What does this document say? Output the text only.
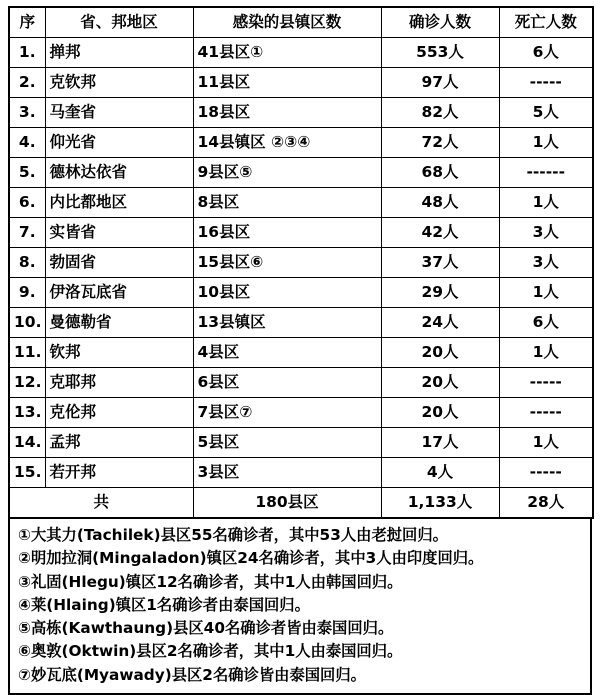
序	省、邦地区	感染的县镇区数	确诊人数	死亡人数
1.	掸邦	41县区①	553人	6人
2.	克钦邦	11县区	97人	-----
3.	马奎省	18县区	82人	5人
4.	仰光省	14县镇区 ②③④	72人	1人
5.	德林达依省	9县区⑤	68人	------
6.	内比都地区	8县区	48人	1人
7.	实皆省	16县区	42人	3人
8.	勃固省	15县区⑥	37人	3人
9.	伊洛瓦底省	10县区	29人	1人
10.	曼德勒省	13县镇区	24人	6人
11.	钦邦	4县区	20人	1人
12.	克耶邦	6县区	20人	-----
13.	克伦邦	7县区⑦	20人	-----
14.	孟邦	5县区	17人	1人
15.	若开邦	3县区	4人	-----
共		180县区	1,133人	28人
①大其力(Tachilek)县区55名确诊者，其中53人由老挝回归。
②明加拉洞(Mingaladon)镇区24名确诊者，其中3人由印度回归。
③礼固(Hlegu)镇区12名确诊者，其中1人由韩国回归。
④莱(Hlaing)镇区1名确诊者由泰国回归。
⑤高栋(Kawthaung)县区40名确诊者皆由泰国回归。
⑥奥敦(Oktwin)县区2名确诊者，其中1人由泰国回归。
⑦妙瓦底(Myawady)县区2名确诊皆由泰国回归。
